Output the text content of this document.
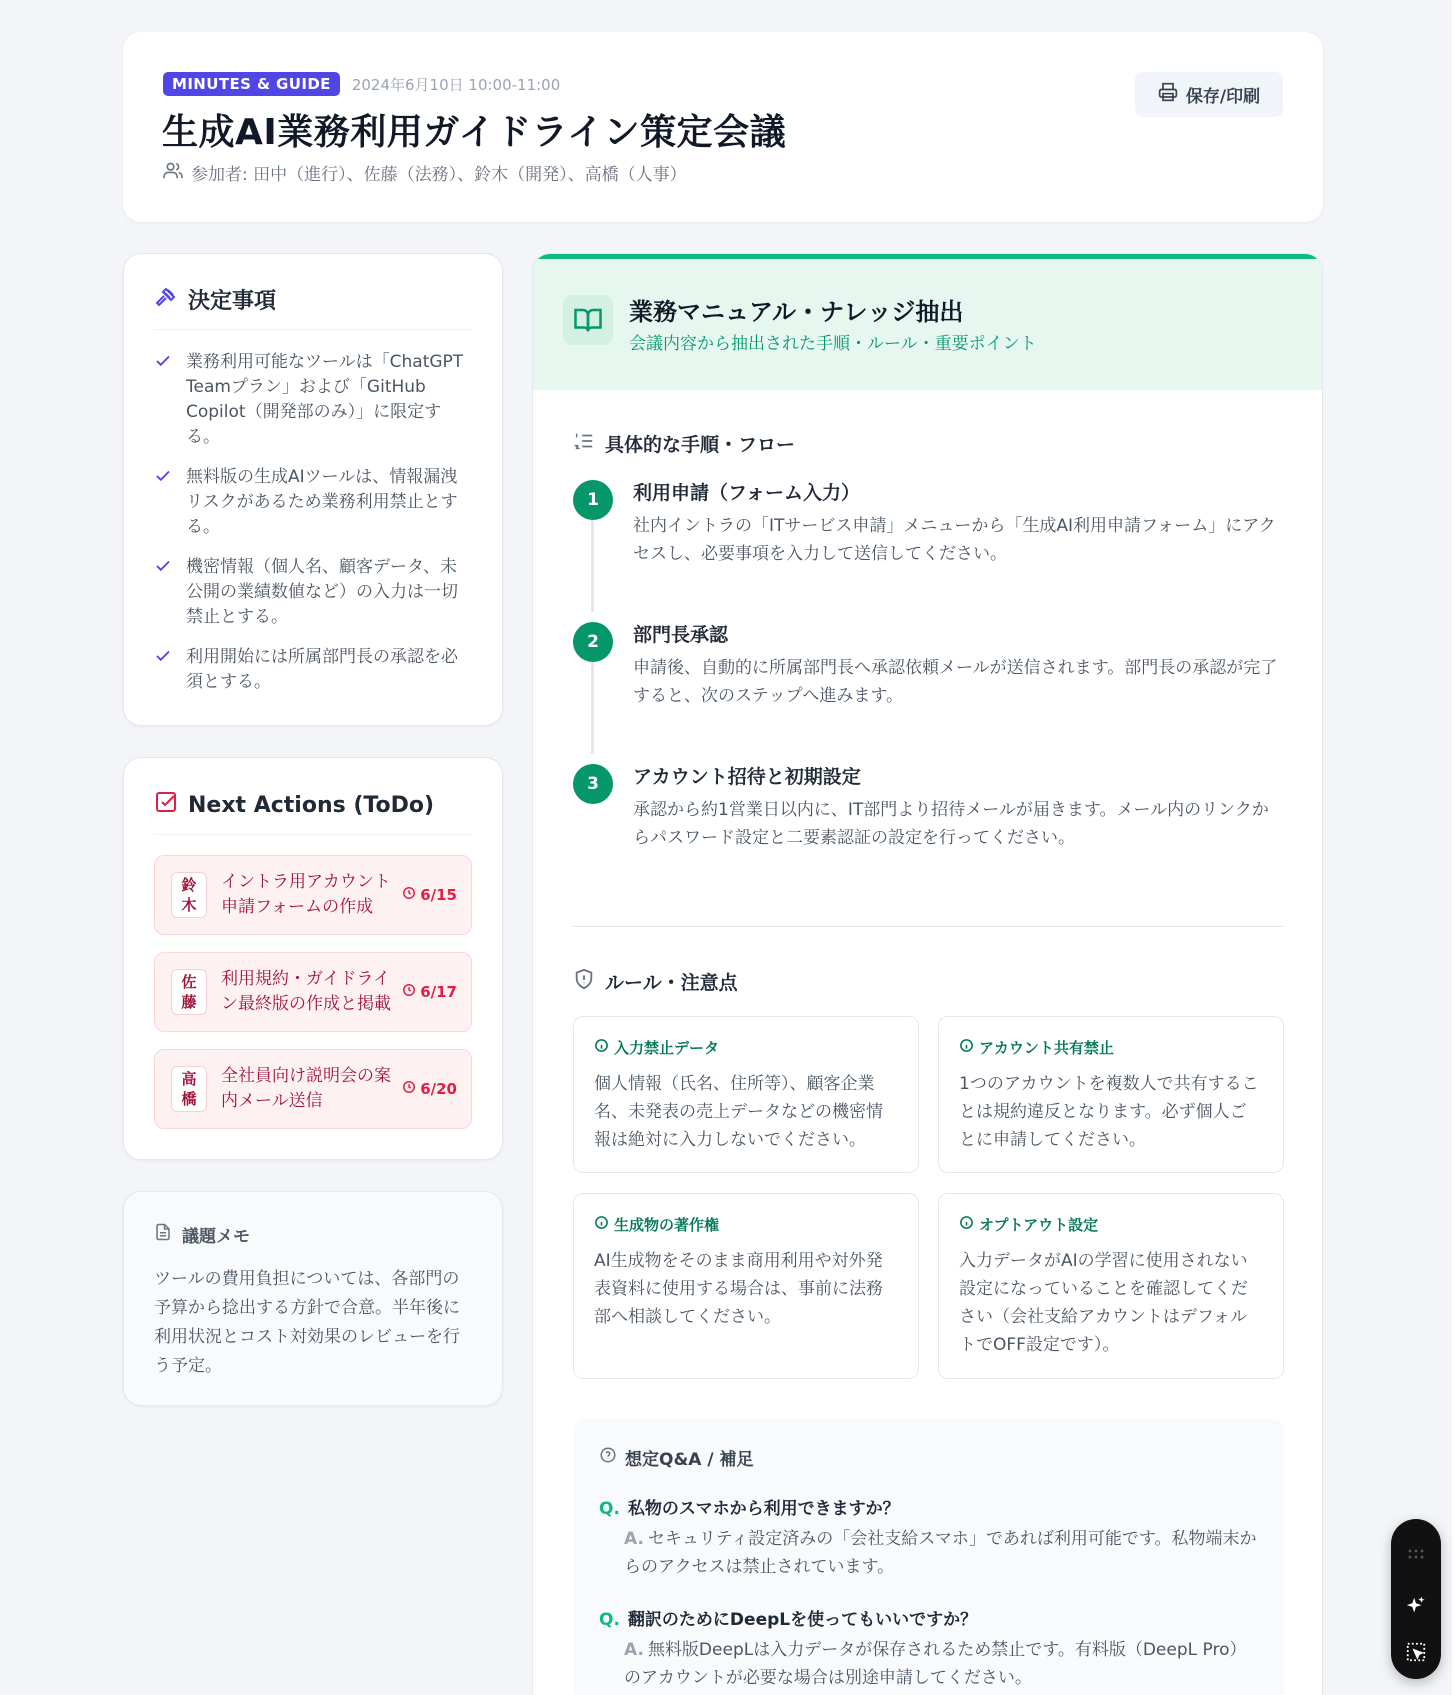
MINUTES & GUIDE	2024年6月10日 10:00-11:00
生成AI業務利用ガイドライン策定会議
参加者: 田中（進行）、佐藤（法務）、鈴木（開発）、高橋（人事）
保存/印刷
決定事項
業務利用可能なツールは「ChatGPT Teamプラン」および「GitHub Copilot（開発部のみ）」に限定する。
無料版の生成AIツールは、情報漏洩リスクがあるため業務利用禁止とする。
機密情報（個人名、顧客データ、未公開の業績数値など）の入力は一切禁止とする。
利用開始には所属部門長の承認を必須とする。
Next Actions (ToDo)
鈴木
イントラ用アカウント申請フォームの作成
6/15
佐藤
利用規約・ガイドライン最終版の作成と掲載
6/17
高橋
全社員向け説明会の案内メール送信
6/20
議題メモ
ツールの費用負担については、各部門の予算から捻出する方針で合意。半年後に利用状況とコスト対効果のレビューを行う予定。
業務マニュアル・ナレッジ抽出
会議内容から抽出された手順・ルール・重要ポイント
具体的な手順・フロー
1	利用申請（フォーム入力）
社内イントラの「ITサービス申請」メニューから「生成AI利用申請フォーム」にアクセスし、必要事項を入力して送信してください。
2	部門長承認
申請後、自動的に所属部門長へ承認依頼メールが送信されます。部門長の承認が完了すると、次のステップへ進みます。
3	アカウント招待と初期設定
承認から約1営業日以内に、IT部門より招待メールが届きます。メール内のリンクからパスワード設定と二要素認証の設定を行ってください。
ルール・注意点
入力禁止データ
個人情報（氏名、住所等）、顧客企業名、未発表の売上データなどの機密情報は絶対に入力しないでください。
アカウント共有禁止
1つのアカウントを複数人で共有することは規約違反となります。必ず個人ごとに申請してください。
生成物の著作権
AI生成物をそのまま商用利用や対外発表資料に使用する場合は、事前に法務部へ相談してください。
オプトアウト設定
入力データがAIの学習に使用されない設定になっていることを確認してください（会社支給アカウントはデフォルトでOFF設定です）。
想定Q&A / 補足
Q. 私物のスマホから利用できますか？
A. セキュリティ設定済みの「会社支給スマホ」であれば利用可能です。私物端末からのアクセスは禁止されています。
Q. 翻訳のためにDeepLを使ってもいいですか？
A. 無料版DeepLは入力データが保存されるため禁止です。有料版（DeepL Pro）のアカウントが必要な場合は別途申請してください。
